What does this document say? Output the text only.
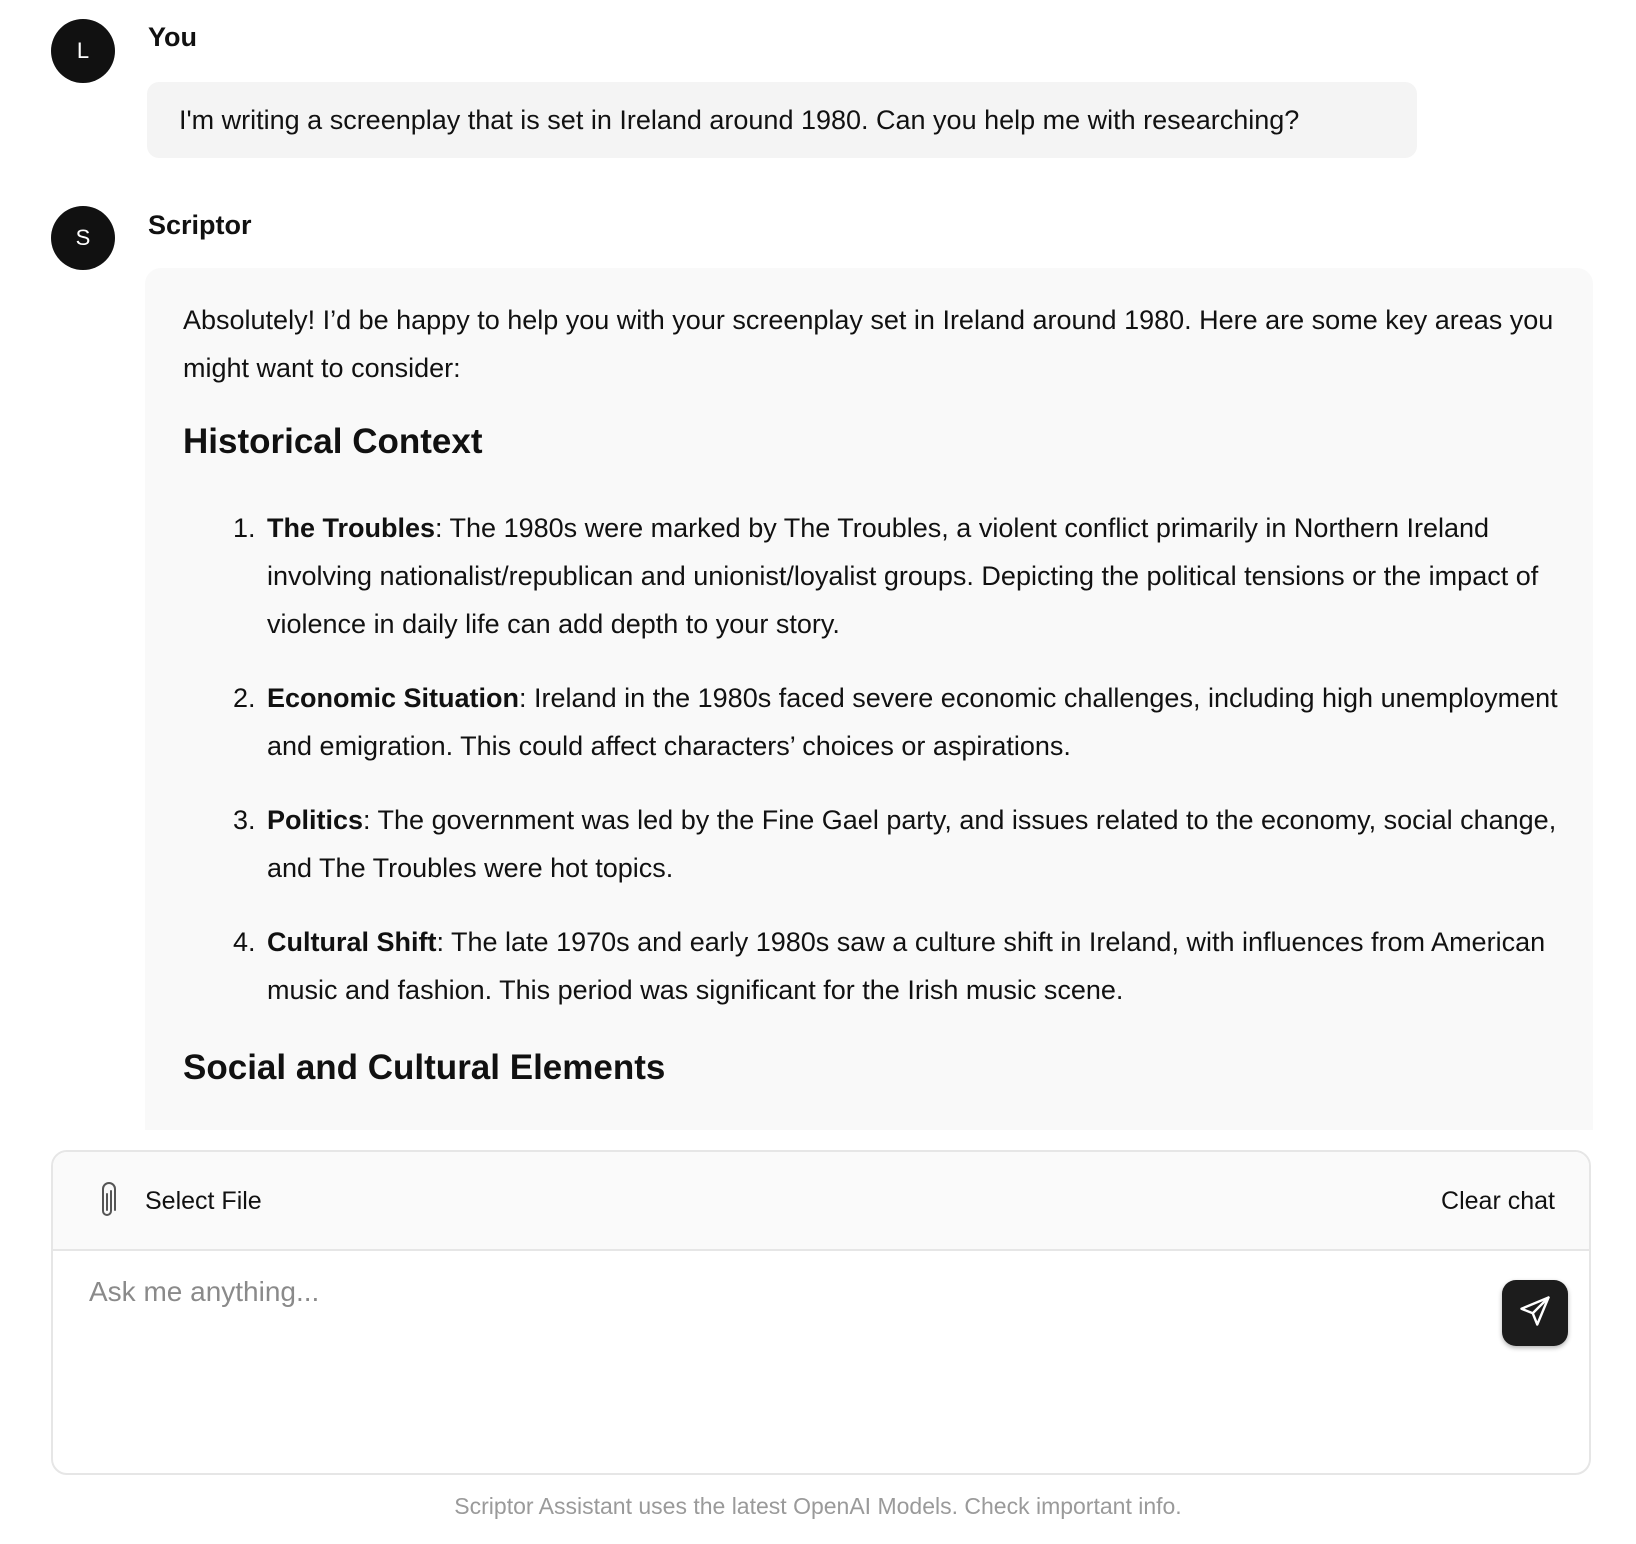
L You
I'm writing a screenplay that is set in Ireland around 1980. Can you help me with researching?
S Scriptor

Absolutely! I’d be happy to help you with your screenplay set in Ireland around 1980. Here are some key areas you might want to consider:

Historical Context
1. The Troubles: The 1980s were marked by The Troubles, a violent conflict primarily in Northern Ireland involving nationalist/republican and unionist/loyalist groups. Depicting the political tensions or the impact of violence in daily life can add depth to your story.
2. Economic Situation: Ireland in the 1980s faced severe economic challenges, including high unemployment and emigration. This could affect characters’ choices or aspirations.
3. Politics: The government was led by the Fine Gael party, and issues related to the economy, social change, and The Troubles were hot topics.
4. Cultural Shift: The late 1970s and early 1980s saw a culture shift in Ireland, with influences from American music and fashion. This period was significant for the Irish music scene.
Social and Cultural Elements
Select File	Clear chat
Ask me anything...
Scriptor Assistant uses the latest OpenAI Models. Check important info.
